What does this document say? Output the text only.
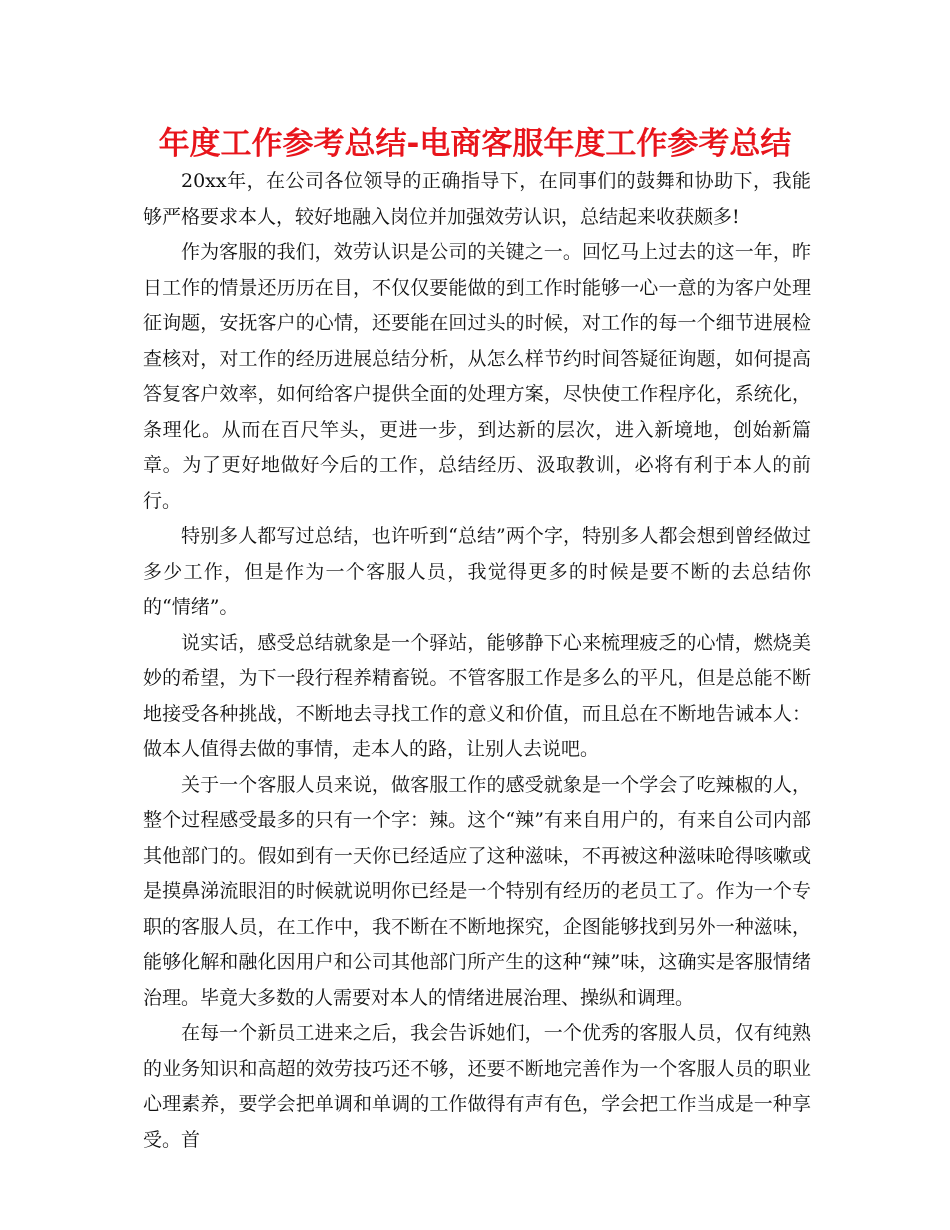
年度工作参考总结-电商客服年度工作参考总结

20xx年，在公司各位领导的正确指导下，在同事们的鼓舞和协助下，我能够严格要求本人，较好地融入岗位并加强效劳认识，总结起来收获颇多!

作为客服的我们，效劳认识是公司的关键之一。回忆马上过去的这一年，昨日工作的情景还历历在目，不仅仅要能做的到工作时能够一心一意的为客户处理征询题，安抚客户的心情，还要能在回过头的时候，对工作的每一个细节进展检查核对，对工作的经历进展总结分析，从怎么样节约时间答疑征询题，如何提高答复客户效率，如何给客户提供全面的处理方案，尽快使工作程序化，系统化，条理化。从而在百尺竿头，更进一步，到达新的层次，进入新境地，创始新篇章。为了更好地做好今后的工作，总结经历、汲取教训，必将有利于本人的前行。

特别多人都写过总结，也许听到“总结”两个字，特别多人都会想到曾经做过多少工作，但是作为一个客服人员，我觉得更多的时候是要不断的去总结你的“情绪”。

说实话，感受总结就象是一个驿站，能够静下心来梳理疲乏的心情，燃烧美妙的希望，为下一段行程养精畜锐。不管客服工作是多么的平凡，但是总能不断地接受各种挑战，不断地去寻找工作的意义和价值，而且总在不断地告诫本人：做本人值得去做的事情，走本人的路，让别人去说吧。

关于一个客服人员来说，做客服工作的感受就象是一个学会了吃辣椒的人，整个过程感受最多的只有一个字：辣。这个“辣”有来自用户的，有来自公司内部其他部门的。假如到有一天你已经适应了这种滋味，不再被这种滋味呛得咳嗽或是摸鼻涕流眼泪的时候就说明你已经是一个特别有经历的老员工了。作为一个专职的客服人员，在工作中，我不断在不断地探究，企图能够找到另外一种滋味，能够化解和融化因用户和公司其他部门所产生的这种“辣”味，这确实是客服情绪治理。毕竟大多数的人需要对本人的情绪进展治理、操纵和调理。

在每一个新员工进来之后，我会告诉她们，一个优秀的客服人员，仅有纯熟的业务知识和高超的效劳技巧还不够，还要不断地完善作为一个客服人员的职业心理素养，要学会把单调和单调的工作做得有声有色，学会把工作当成是一种享受。首
